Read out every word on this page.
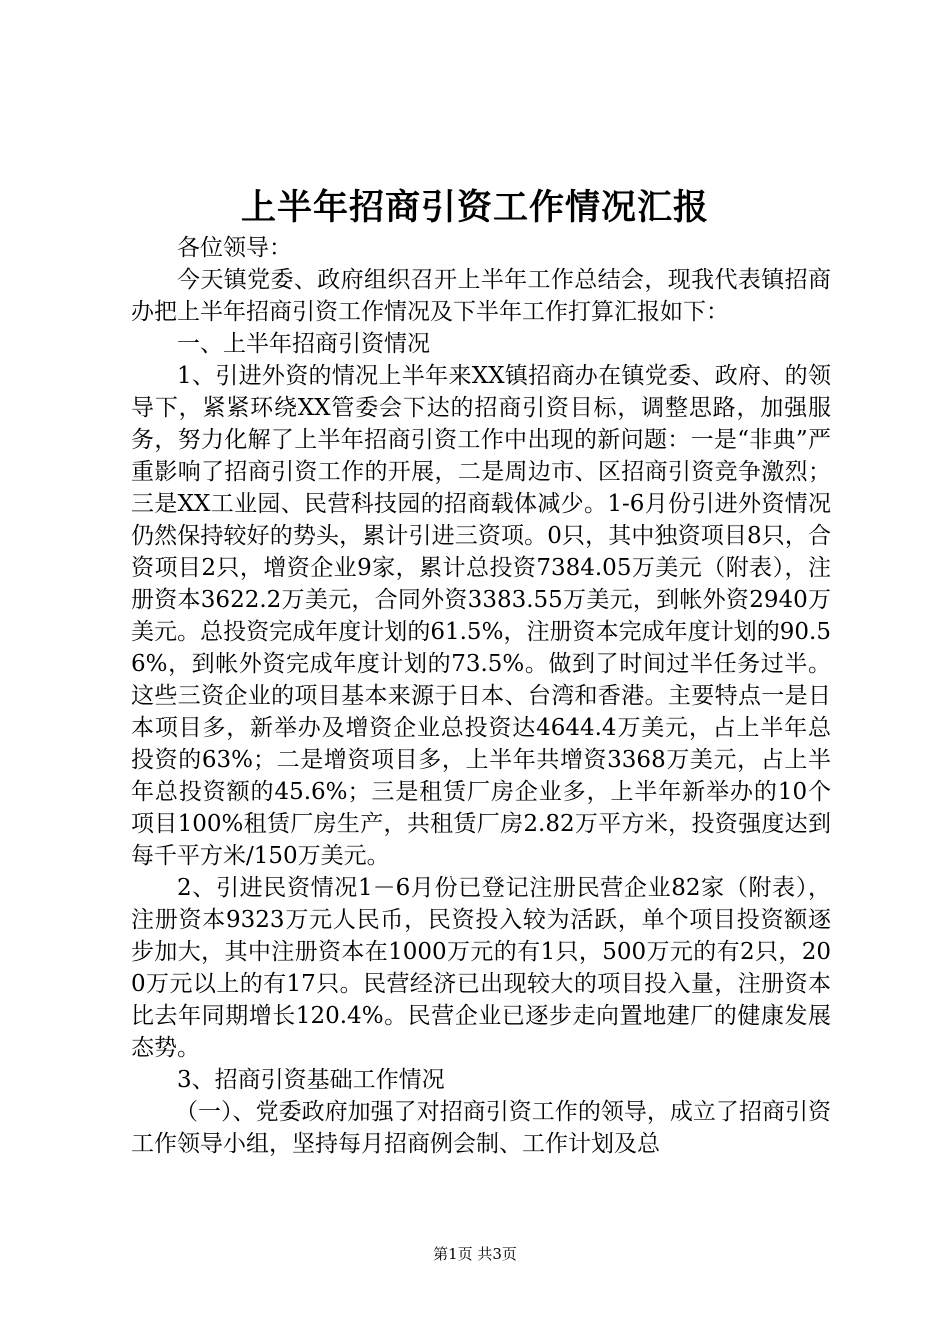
上半年招商引资工作情况汇报

各位领导：

今天镇党委、政府组织召开上半年工作总结会，现我代表镇招商办把上半年招商引资工作情况及下半年工作打算汇报如下：

一、上半年招商引资情况

1、引进外资的情况上半年来XX镇招商办在镇党委、政府、的领导下，紧紧环绕XX管委会下达的招商引资目标，调整思路，加强服务，努力化解了上半年招商引资工作中出现的新问题：一是“非典”严重影响了招商引资工作的开展，二是周边市、区招商引资竞争激烈；三是XX工业园、民营科技园的招商载体减少。1-6月份引进外资情况仍然保持较好的势头，累计引进三资项。0只，其中独资项目8只，合资项目2只，增资企业9家，累计总投资7384.05万美元（附表），注册资本3622.2万美元，合同外资3383.55万美元，到帐外资2940万美元。总投资完成年度计划的61.5%，注册资本完成年度计划的90.56%，到帐外资完成年度计划的73.5%。做到了时间过半任务过半。这些三资企业的项目基本来源于日本、台湾和香港。主要特点一是日本项目多，新举办及增资企业总投资达4644.4万美元，占上半年总投资的63%；二是增资项目多，上半年共增资3368万美元，占上半年总投资额的45.6%；三是租赁厂房企业多，上半年新举办的10个项目100%租赁厂房生产，共租赁厂房2.82万平方米，投资强度达到每千平方米/150万美元。

2、引进民资情况1－6月份已登记注册民营企业82家（附表），注册资本9323万元人民币，民资投入较为活跃，单个项目投资额逐步加大，其中注册资本在1000万元的有1只，500万元的有2只，200万元以上的有17只。民营经济已出现较大的项目投入量，注册资本比去年同期增长120.4%。民营企业已逐步走向置地建厂的健康发展态势。

3、招商引资基础工作情况

（一）、党委政府加强了对招商引资工作的领导，成立了招商引资工作领导小组，坚持每月招商例会制、工作计划及总

第1页 共3页
